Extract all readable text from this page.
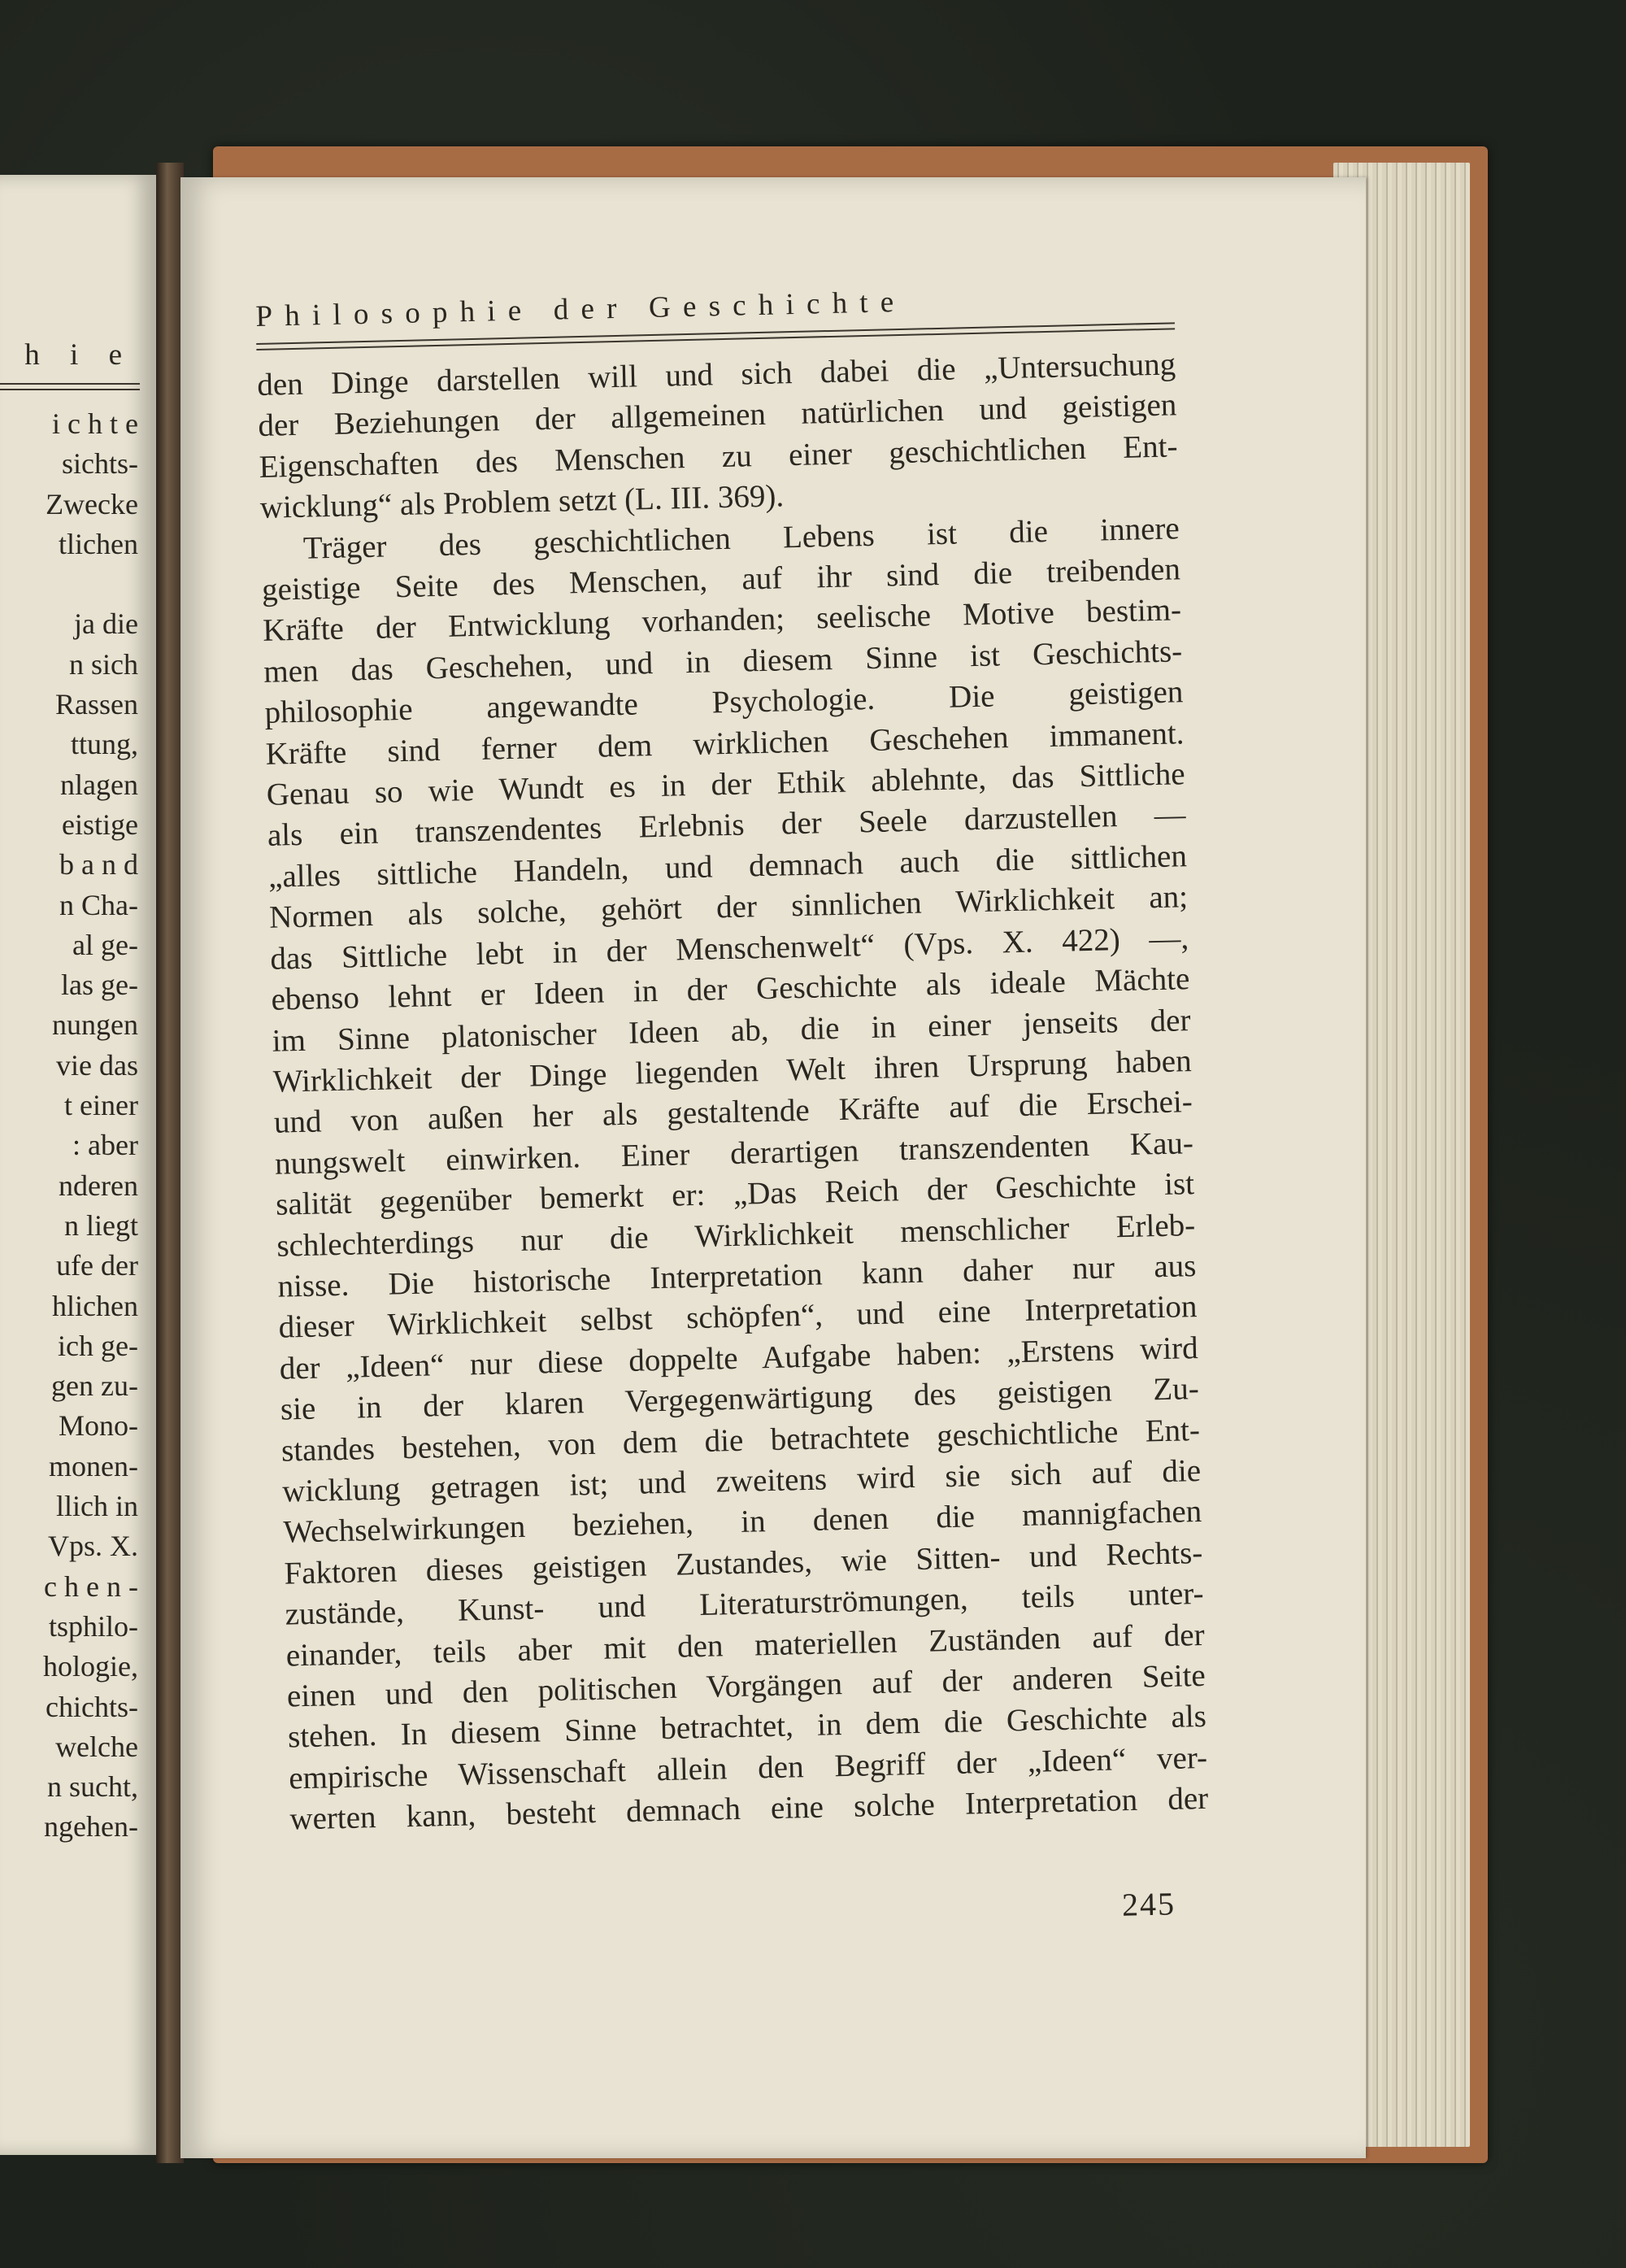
h i e
i c h t e
sichts-
Zwecke
tlichen

ja die
n sich
Rassen
ttung,
nlagen
eistige
b a n d
n Cha-
al ge-
las ge-
nungen
vie das
t einer
: aber
nderen
n liegt
ufe der
hlichen
ich ge-
gen zu-
Mono-
monen-
llich in
Vps. X.
c h e n -
tsphilo-
hologie,
chichts-
welche
n sucht,
ngehen-

Philosophie der Geschichte

den Dinge darstellen will und sich dabei die „Untersuchung
der Beziehungen der allgemeinen natürlichen und geistigen
Eigenschaften des Menschen zu einer geschichtlichen Ent-
wicklung“ als Problem setzt (L. III. 369).
Träger des geschichtlichen Lebens ist die innere
geistige Seite des Menschen, auf ihr sind die treibenden
Kräfte der Entwicklung vorhanden; seelische Motive bestim-
men das Geschehen, und in diesem Sinne ist Geschichts-
philosophie angewandte Psychologie. Die geistigen
Kräfte sind ferner dem wirklichen Geschehen immanent.
Genau so wie Wundt es in der Ethik ablehnte, das Sittliche
als ein transzendentes Erlebnis der Seele darzustellen —
„alles sittliche Handeln, und demnach auch die sittlichen
Normen als solche, gehört der sinnlichen Wirklichkeit an;
das Sittliche lebt in der Menschenwelt“ (Vps. X. 422) —,
ebenso lehnt er Ideen in der Geschichte als ideale Mächte
im Sinne platonischer Ideen ab, die in einer jenseits der
Wirklichkeit der Dinge liegenden Welt ihren Ursprung haben
und von außen her als gestaltende Kräfte auf die Erschei-
nungswelt einwirken. Einer derartigen transzendenten Kau-
salität gegenüber bemerkt er: „Das Reich der Geschichte ist
schlechterdings nur die Wirklichkeit menschlicher Erleb-
nisse. Die historische Interpretation kann daher nur aus
dieser Wirklichkeit selbst schöpfen“, und eine Interpretation
der „Ideen“ nur diese doppelte Aufgabe haben: „Erstens wird
sie in der klaren Vergegenwärtigung des geistigen Zu-
standes bestehen, von dem die betrachtete geschichtliche Ent-
wicklung getragen ist; und zweitens wird sie sich auf die
Wechselwirkungen beziehen, in denen die mannigfachen
Faktoren dieses geistigen Zustandes, wie Sitten- und Rechts-
zustände, Kunst- und Literaturströmungen, teils unter-
einander, teils aber mit den materiellen Zuständen auf der
einen und den politischen Vorgängen auf der anderen Seite
stehen. In diesem Sinne betrachtet, in dem die Geschichte als
empirische Wissenschaft allein den Begriff der „Ideen“ ver-
werten kann, besteht demnach eine solche Interpretation der
245
